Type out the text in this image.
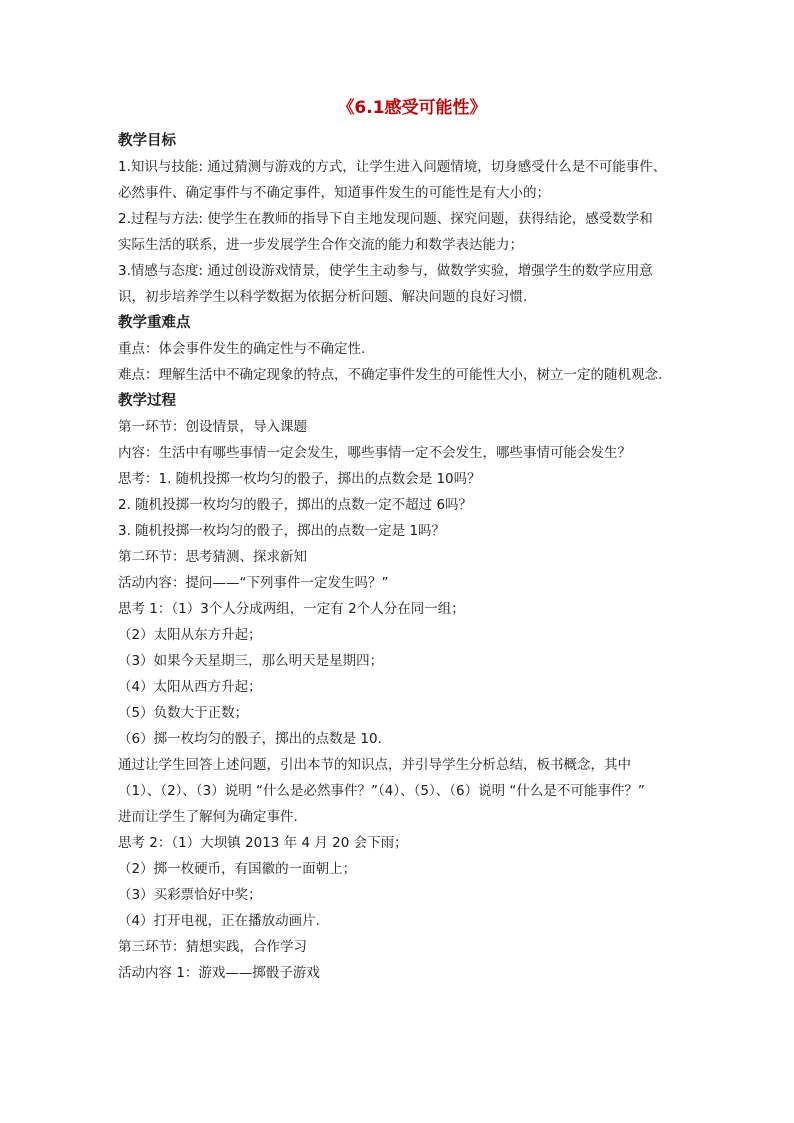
《6.1感受可能性》
教学目标
1.知识与技能: 通过猜测与游戏的方式，让学生进入问题情境，切身感受什么是不可能事件、
必然事件、确定事件与不确定事件，知道事件发生的可能性是有大小的；
2.过程与方法: 使学生在教师的指导下自主地发现问题、探究问题，获得结论，感受数学和
实际生活的联系，进一步发展学生合作交流的能力和数学表达能力；
3.情感与态度: 通过创设游戏情景，使学生主动参与，做数学实验，增强学生的数学应用意
识，初步培养学生以科学数据为依据分析问题、解决问题的良好习惯.
教学重难点
重点：体会事件发生的确定性与不确定性.
难点：理解生活中不确定现象的特点，不确定事件发生的可能性大小，树立一定的随机观念.
教学过程
第一环节：创设情景，导入课题
内容：生活中有哪些事情一定会发生，哪些事情一定不会发生，哪些事情可能会发生？
思考：1. 随机投掷一枚均匀的骰子，掷出的点数会是 10吗？
2. 随机投掷一枚均匀的骰子，掷出的点数一定不超过 6吗？
3. 随机投掷一枚均匀的骰子，掷出的点数一定是 1吗？
第二环节：思考猜测、探求新知
活动内容：提问——“下列事件一定发生吗？”
思考 1：（1）3个人分成两组，一定有 2个人分在同一组；
（2）太阳从东方升起；
（3）如果今天星期三，那么明天是星期四；
（4）太阳从西方升起；
（5）负数大于正数；
（6）掷一枚均匀的骰子，掷出的点数是 10.
通过让学生回答上述问题，引出本节的知识点，并引导学生分析总结，板书概念，其中
（1）、（2）、（3）说明 “什么是必然事件？”（4）、（5）、（6）说明 “什么是不可能事件？”
进而让学生了解何为确定事件.
思考 2：（1）大坝镇 2013 年 4 月 20 会下雨；
（2）掷一枚硬币，有国徽的一面朝上；
（3）买彩票恰好中奖；
（4）打开电视，正在播放动画片.
第三环节：猜想实践，合作学习
活动内容 1：游戏——掷骰子游戏
